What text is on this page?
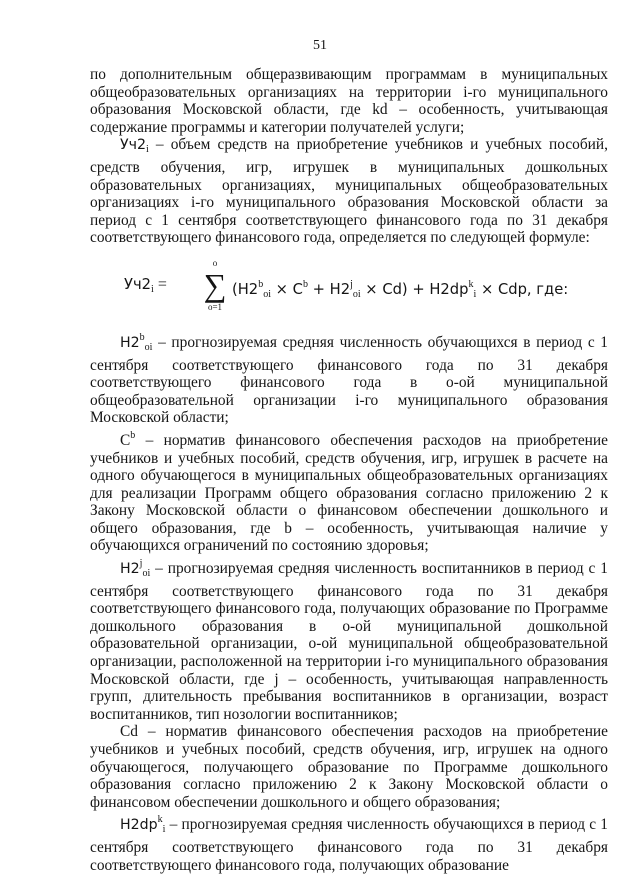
51

по дополнительным общеразвивающим программам в муниципальных общеобразовательных организациях на территории i-го муниципального образования Московской области, где kd – особенность, учитывающая содержание программы и категории получателей услуги;

$Уч2_i$ – объем средств на приобретение учебников и учебных пособий, средств обучения, игр, игрушек в муниципальных дошкольных образовательных организациях, муниципальных общеобразовательных организациях i-го муниципального образования Московской области за период с 1 сентября соответствующего финансового года по 31 декабря соответствующего финансового года, определяется по следующей формуле:

$Уч2_i$ =
o
∑
o=1
$(Н2^b_{oi} \times C^b + Н2^j_{oi} \times Cd) + Н2dp^k_i$ × Cdp, где:

$Н2^b_{oi}$ – прогнозируемая средняя численность обучающихся в период с 1 сентября соответствующего финансового года по 31 декабря соответствующего финансового года в о-ой муниципальной общеобразовательной организации i-го муниципального образования Московской области;

$C^b$ – норматив финансового обеспечения расходов на приобретение учебников и учебных пособий, средств обучения, игр, игрушек в расчете на одного обучающегося в муниципальных общеобразовательных организациях для реализации Программ общего образования согласно приложению 2 к Закону Московской области о финансовом обеспечении дошкольного и общего образования, где b – особенность, учитывающая наличие у обучающихся ограничений по состоянию здоровья;

$Н2^j_{oi}$ – прогнозируемая средняя численность воспитанников в период с 1 сентября соответствующего финансового года по 31 декабря соответствующего финансового года, получающих образование по Программе дошкольного образования в о-ой муниципальной дошкольной образовательной организации, о-ой муниципальной общеобразовательной организации, расположенной на территории i-го муниципального образования Московской области, где j – особенность, учитывающая направленность групп, длительность пребывания воспитанников в организации, возраст воспитанников, тип нозологии воспитанников;

Cd – норматив финансового обеспечения расходов на приобретение учебников и учебных пособий, средств обучения, игр, игрушек на одного обучающегося, получающего образование по Программе дошкольного образования согласно приложению 2 к Закону Московской области о финансовом обеспечении дошкольного и общего образования;

$Н2dp^k_i$ – прогнозируемая средняя численность обучающихся в период с 1 сентября соответствующего финансового года по 31 декабря соответствующего финансового года, получающих образование
